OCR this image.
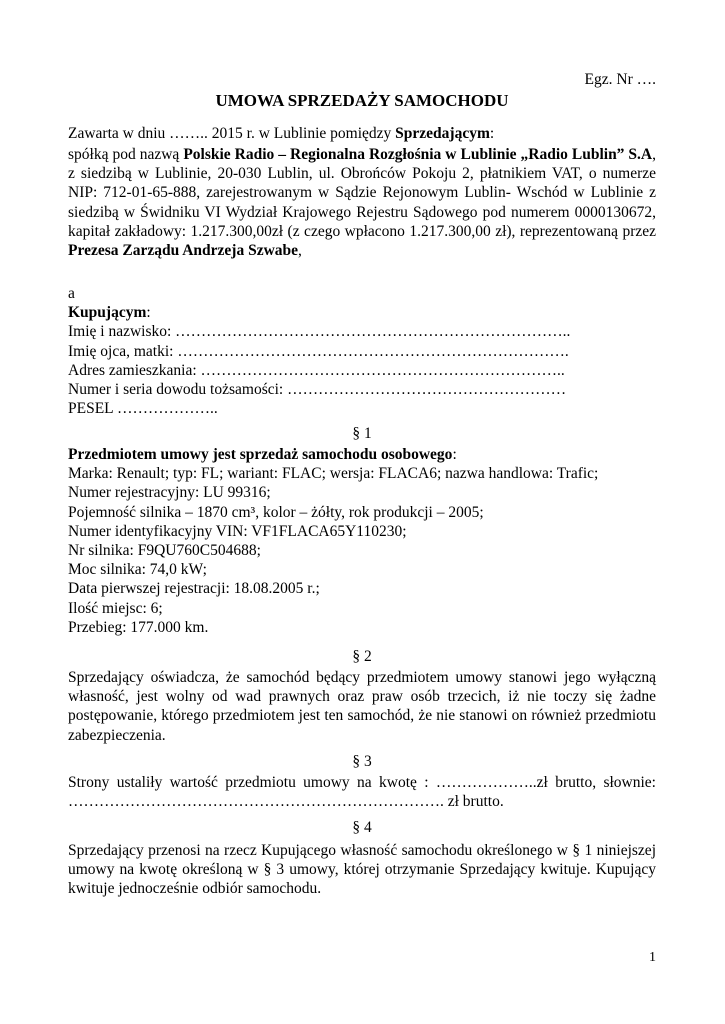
Egz. Nr ….
UMOWA SPRZEDAŻY SAMOCHODU
Zawarta w dniu …….. 2015 r. w Lublinie pomiędzy Sprzedającym:
spółką pod nazwą Polskie Radio – Regionalna Rozgłośnia w Lublinie „Radio Lublin” S.A, z siedzibą w Lublinie, 20-030 Lublin, ul. Obrońców Pokoju 2, płatnikiem VAT, o numerze NIP: 712-01-65-888, zarejestrowanym w Sądzie Rejonowym Lublin- Wschód w Lublinie z siedzibą w Świdniku VI Wydział Krajowego Rejestru Sądowego pod numerem 0000130672, kapitał zakładowy: 1.217.300,00zł (z czego wpłacono 1.217.300,00 zł), reprezentowaną przez Prezesa Zarządu Andrzeja Szwabe,
a
Kupującym:
Imię i nazwisko: …………………………………………………………………..
Imię ojca, matki: ………………………………………………………………….
Adres zamieszkania: ……………………………………………………………..
Numer i seria dowodu tożsamości: ………………………………………………
PESEL ………………..
§ 1
Przedmiotem umowy jest sprzedaż samochodu osobowego:
Marka: Renault; typ: FL; wariant: FLAC; wersja: FLACA6; nazwa handlowa: Trafic;
Numer rejestracyjny: LU 99316;
Pojemność silnika – 1870 cm³, kolor – żółty, rok produkcji – 2005;
Numer identyfikacyjny VIN: VF1FLACA65Y110230;
Nr silnika: F9QU760C504688;
Moc silnika: 74,0 kW;
Data pierwszej rejestracji: 18.08.2005 r.;
Ilość miejsc: 6;
Przebieg: 177.000 km.
§ 2
Sprzedający oświadcza, że samochód będący przedmiotem umowy stanowi jego wyłączną własność, jest wolny od wad prawnych oraz praw osób trzecich, iż nie toczy się żadne postępowanie, którego przedmiotem jest ten samochód, że nie stanowi on również przedmiotu zabezpieczenia.
§ 3
Strony ustaliły wartość przedmiotu umowy na kwotę : ………………..zł brutto, słownie: ………………………………………………………………. zł brutto.
§ 4
Sprzedający przenosi na rzecz Kupującego własność samochodu określonego w § 1 niniejszej umowy na kwotę określoną w § 3 umowy, której otrzymanie Sprzedający kwituje. Kupujący kwituje jednocześnie odbiór samochodu.
1
